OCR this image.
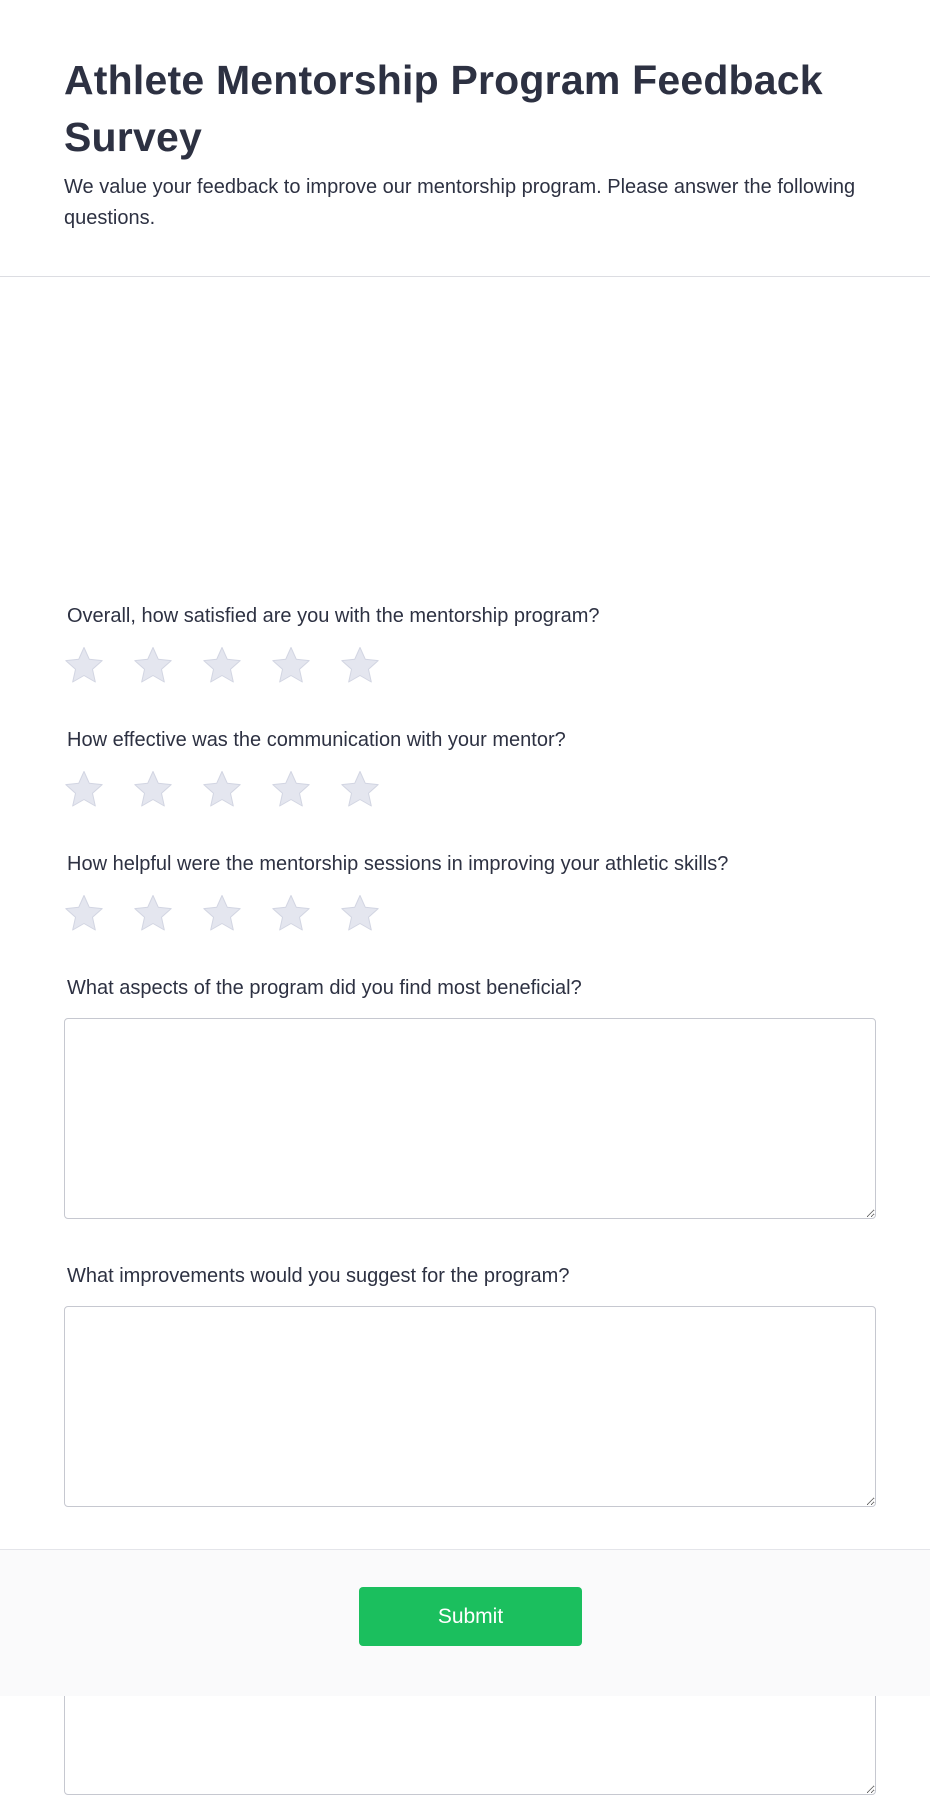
Athlete Mentorship Program Feedback Survey

We value your feedback to improve our mentorship program. Please answer the following questions.

Overall, how satisfied are you with the mentorship program?
How effective was the communication with your mentor?
How helpful were the mentorship sessions in improving your athletic skills?
What aspects of the program did you find most beneficial?
What improvements would you suggest for the program?
Submit
